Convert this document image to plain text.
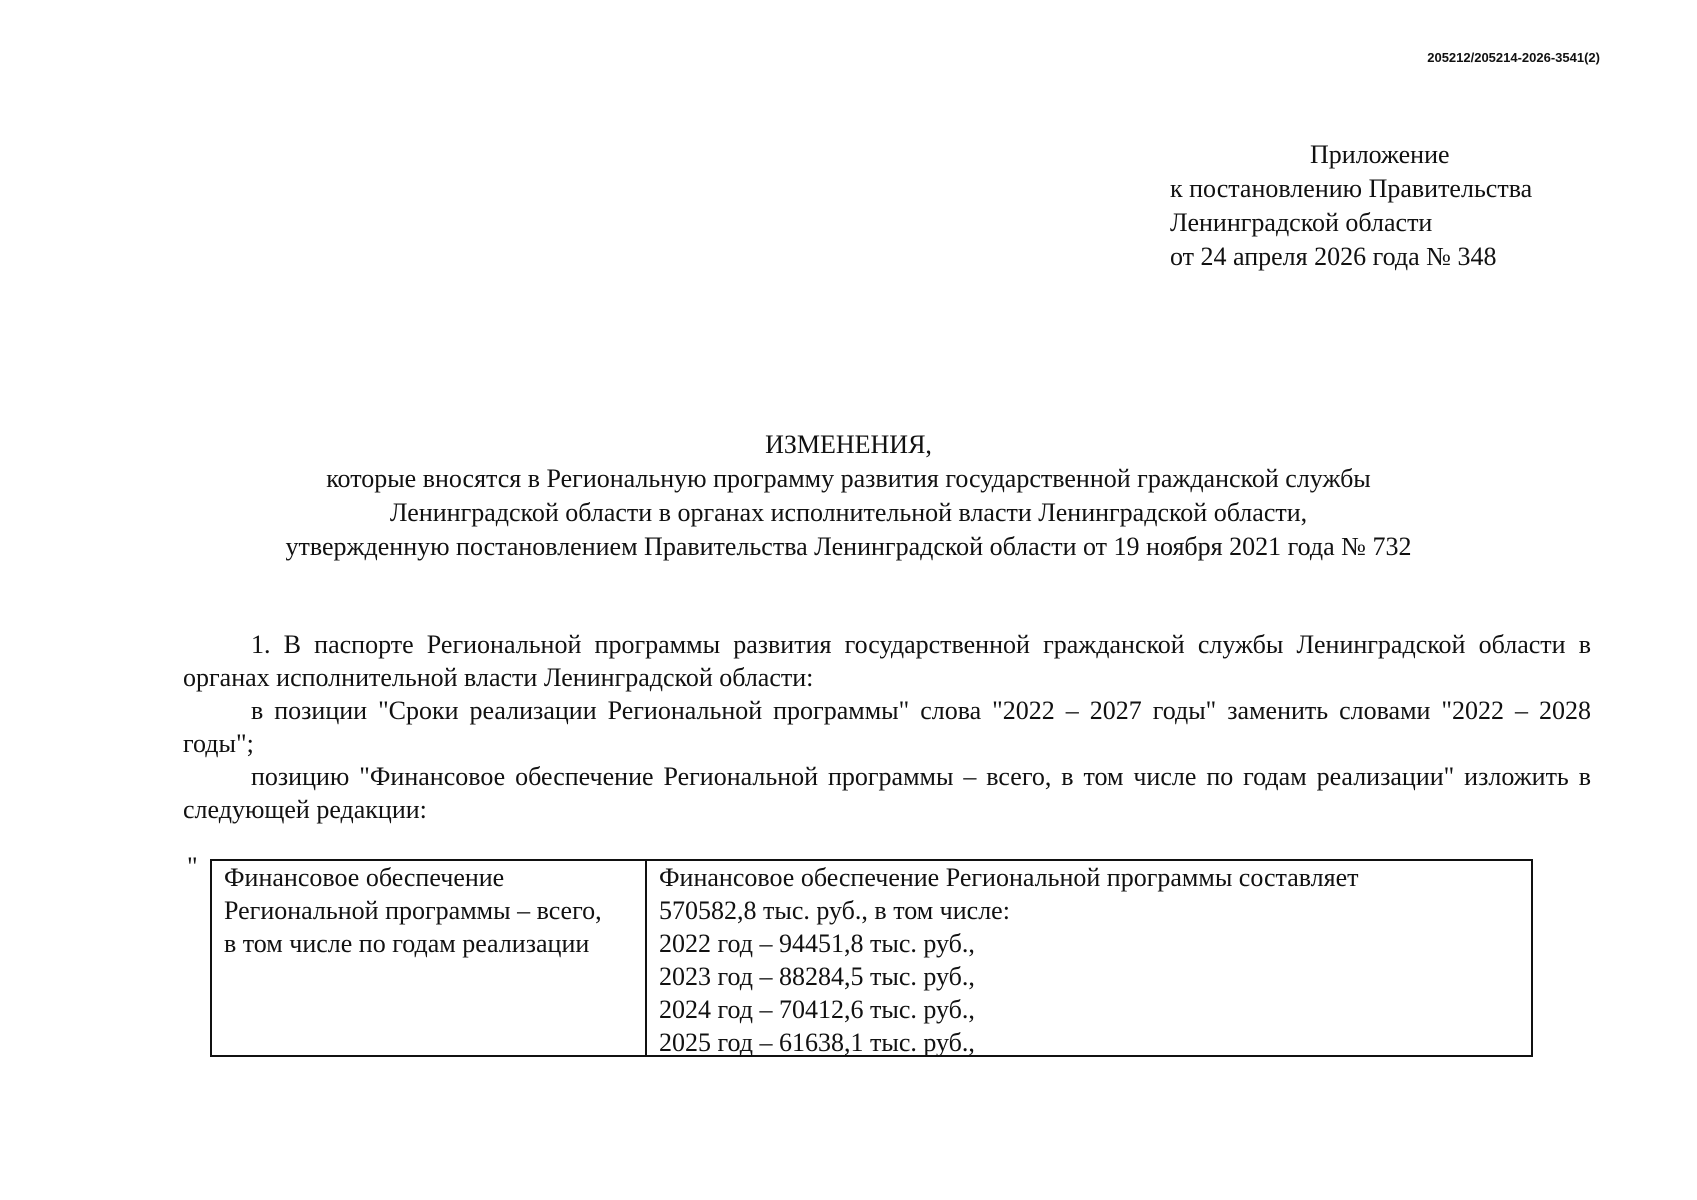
205212/205214-2026-3541(2)
Приложение
к постановлению Правительства
Ленинградской области
от 24 апреля 2026 года № 348
ИЗМЕНЕНИЯ,
которые вносятся в Региональную программу развития государственной гражданской службы
Ленинградской области в органах исполнительной власти Ленинградской области,
утвержденную постановлением Правительства Ленинградской области от 19 ноября 2021 года № 732

1. В паспорте Региональной программы развития государственной гражданской службы Ленинградской области в органах исполнительной власти Ленинградской области:

в позиции "Сроки реализации Региональной программы" слова "2022 – 2027 годы" заменить словами "2022 – 2028 годы";

позицию "Финансовое обеспечение Региональной программы – всего, в том числе по годам реализации" изложить в следующей редакции:

" Финансовое обеспечение
Региональной программы – всего,
в том числе по годам реализации
Финансовое обеспечение Региональной программы составляет
570582,8 тыс. руб., в том числе:
2022 год – 94451,8 тыс. руб.,
2023 год – 88284,5 тыс. руб.,
2024 год – 70412,6 тыс. руб.,
2025 год – 61638,1 тыс. руб.,
